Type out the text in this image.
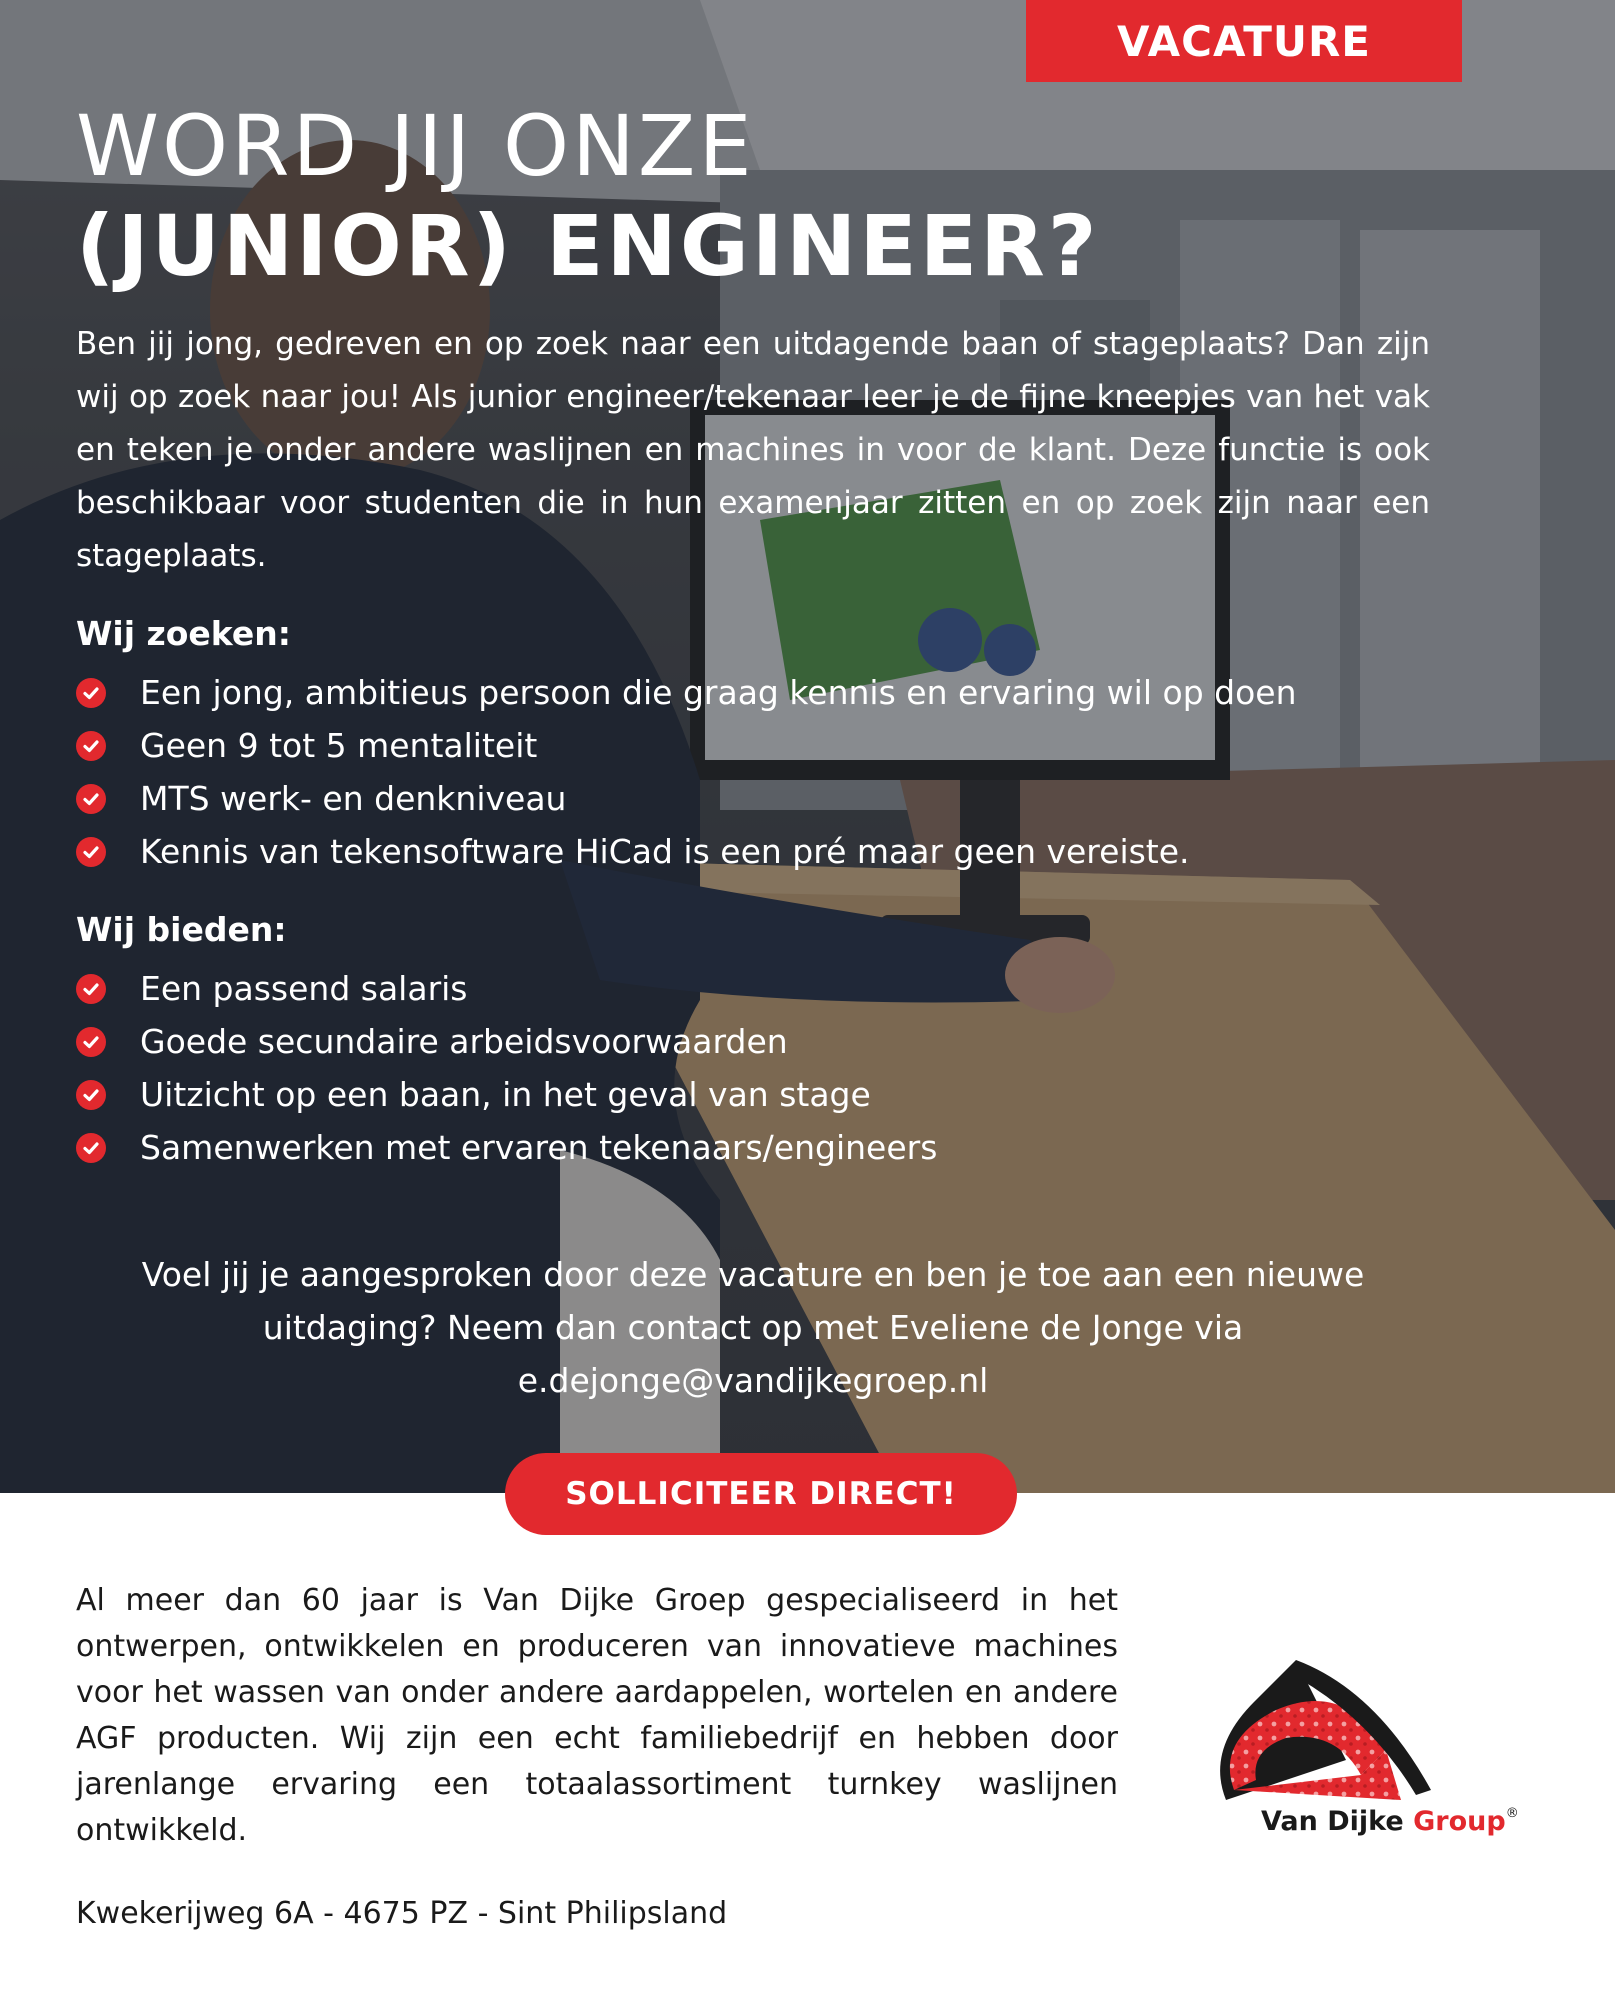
VACATURE
WORD JIJ ONZE
(JUNIOR) ENGINEER?

Ben jij jong, gedreven en op zoek naar een uitdagende baan of stageplaats? Dan zijn wij op zoek naar jou! Als junior engineer/tekenaar leer je de fijne kneepjes van het vak en teken je onder andere waslijnen en machines in voor de klant. Deze functie is ook beschikbaar voor studenten die in hun examenjaar zitten en op zoek zijn naar een stageplaats.

Wij zoeken:
Een jong, ambitieus persoon die graag kennis en ervaring wil op doen
Geen 9 tot 5 mentaliteit
MTS werk- en denkniveau
Kennis van tekensoftware HiCad is een pré maar geen vereiste.
Wij bieden:
Een passend salaris
Goede secundaire arbeidsvoorwaarden
Uitzicht op een baan, in het geval van stage
Samenwerken met ervaren tekenaars/engineers
Voel jij je aangesproken door deze vacature en ben je toe aan een nieuwe
uitdaging? Neem dan contact op met Eveliene de Jonge via
e.dejonge@vandijkegroep.nl
SOLLICITEER DIRECT!

Al meer dan 60 jaar is Van Dijke Groep gespecialiseerd in het ontwerpen, ontwikkelen en produceren van innovatieve machines voor het wassen van onder andere aardappelen, wortelen en andere AGF producten. Wij zijn een echt familiebedrijf en hebben door jarenlange ervaring een totaalassortiment turnkey waslijnen ontwikkeld.

Kwekerijweg 6A - 4675 PZ - Sint Philipsland
Van Dijke Group®
